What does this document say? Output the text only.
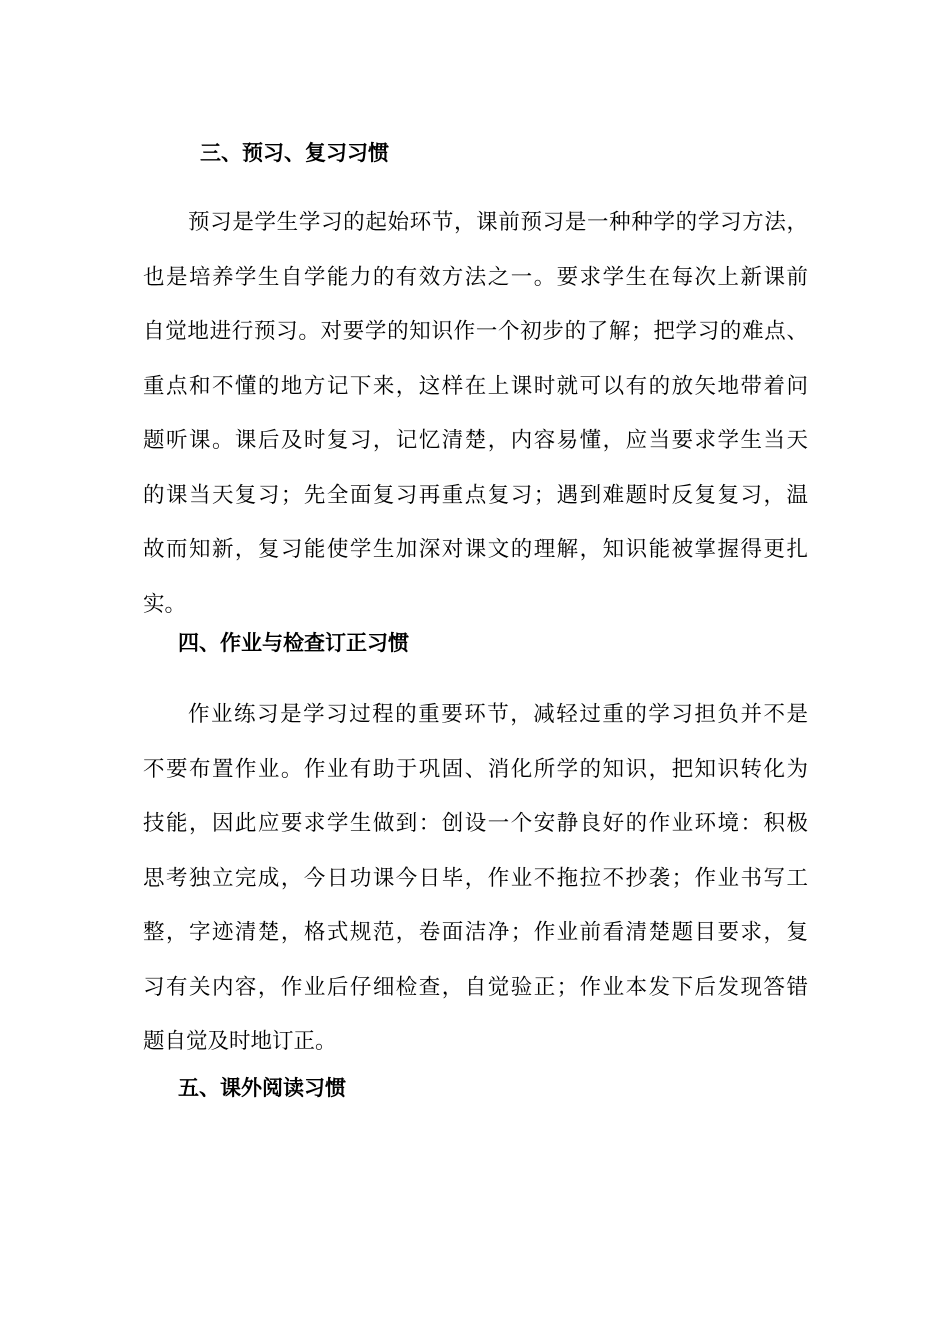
三、预习、复习习惯
预习是学生学习的起始环节，课前预习是一种种学的学习方法，
也是培养学生自学能力的有效方法之一。要求学生在每次上新课前
自觉地进行预习。对要学的知识作一个初步的了解；把学习的难点、
重点和不懂的地方记下来，这样在上课时就可以有的放矢地带着问
题听课。课后及时复习，记忆清楚，内容易懂，应当要求学生当天
的课当天复习；先全面复习再重点复习；遇到难题时反复复习，温
故而知新，复习能使学生加深对课文的理解，知识能被掌握得更扎
实。
四、作业与检查订正习惯
作业练习是学习过程的重要环节，减轻过重的学习担负并不是
不要布置作业。作业有助于巩固、消化所学的知识，把知识转化为
技能，因此应要求学生做到：创设一个安静良好的作业环境：积极
思考独立完成，今日功课今日毕，作业不拖拉不抄袭；作业书写工
整，字迹清楚，格式规范，卷面洁净；作业前看清楚题目要求，复
习有关内容，作业后仔细检查，自觉验正；作业本发下后发现答错
题自觉及时地订正。
五、课外阅读习惯
